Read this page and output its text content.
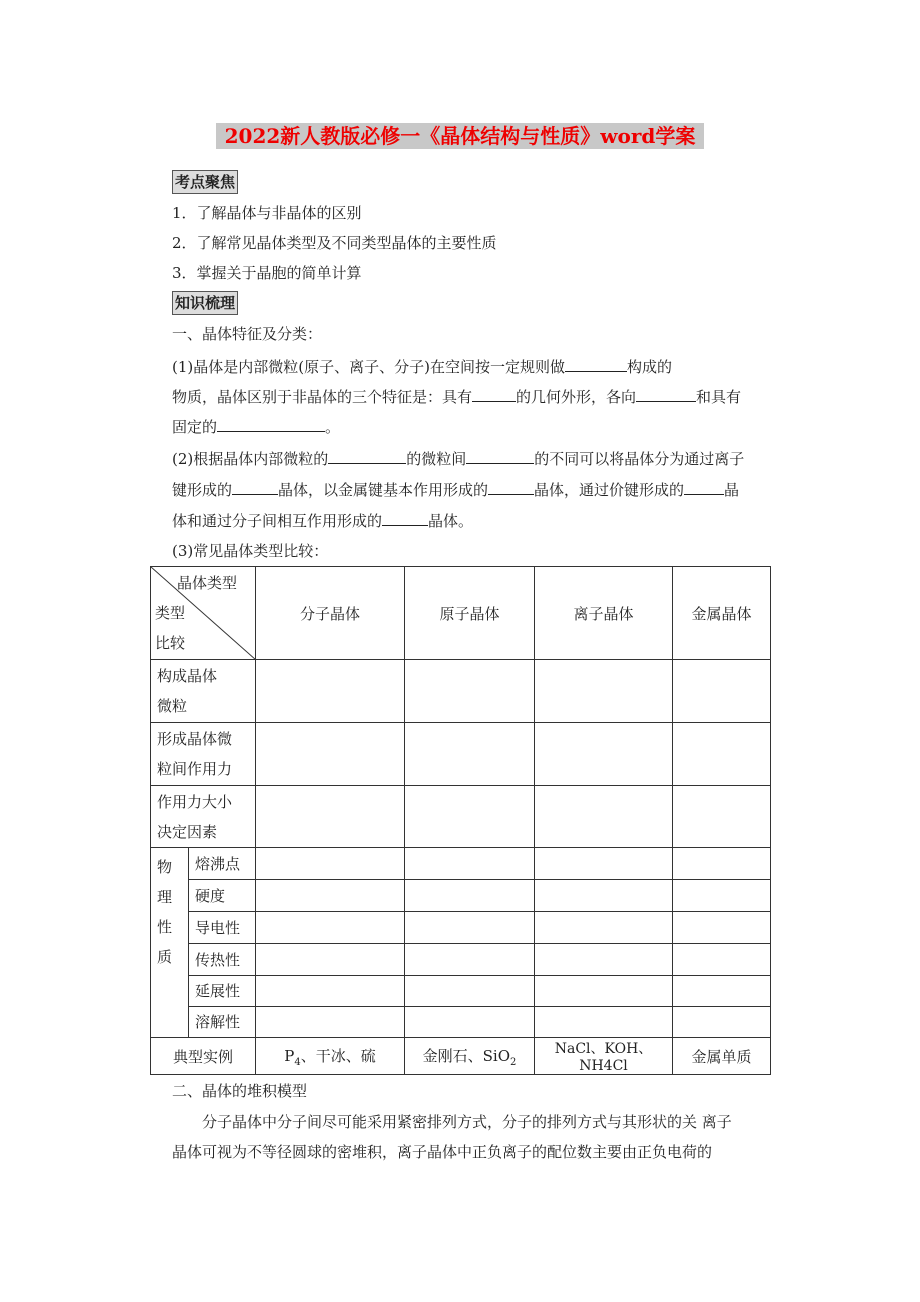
2022新人教版必修一《晶体结构与性质》word学案
考点聚焦
1．了解晶体与非晶体的区别
2．了解常见晶体类型及不同类型晶体的主要性质
3．掌握关于晶胞的简单计算
知识梳理
一、晶体特征及分类：
(1)晶体是内部微粒(原子、离子、分子)在空间按一定规则做	构成的
物质，晶体区别于非晶体的三个特征是：具有	的几何外形，各向	和具有
固定的	。
(2)根据晶体内部微粒的	的微粒间	的不同可以将晶体分为通过离子
键形成的	晶体，以金属键基本作用形成的	晶体，通过价键形成的	晶
体和通过分子间相互作用形成的	晶体。
(3)常见晶体类型比较：
晶体类型
类型
比较		分子晶体	原子晶体	离子晶体	金属晶体

构成晶体
微粒					

形成晶体微
粒间作用力					

作用力大小
决定因素					

物
理
性
质	熔沸点				
	硬度				
	导电性				
	传热性				
	延展性				
	溶解性				
典型实例		$P_4$、干冰、硫	金刚石、SiO$_2$	NaCl、KOH、NH4Cl	金属单质
二、晶体的堆积模型
分子晶体中分子间尽可能采用紧密排列方式，分子的排列方式与其形状的关 离子
晶体可视为不等径圆球的密堆积，离子晶体中正负离子的配位数主要由正负电荷的
